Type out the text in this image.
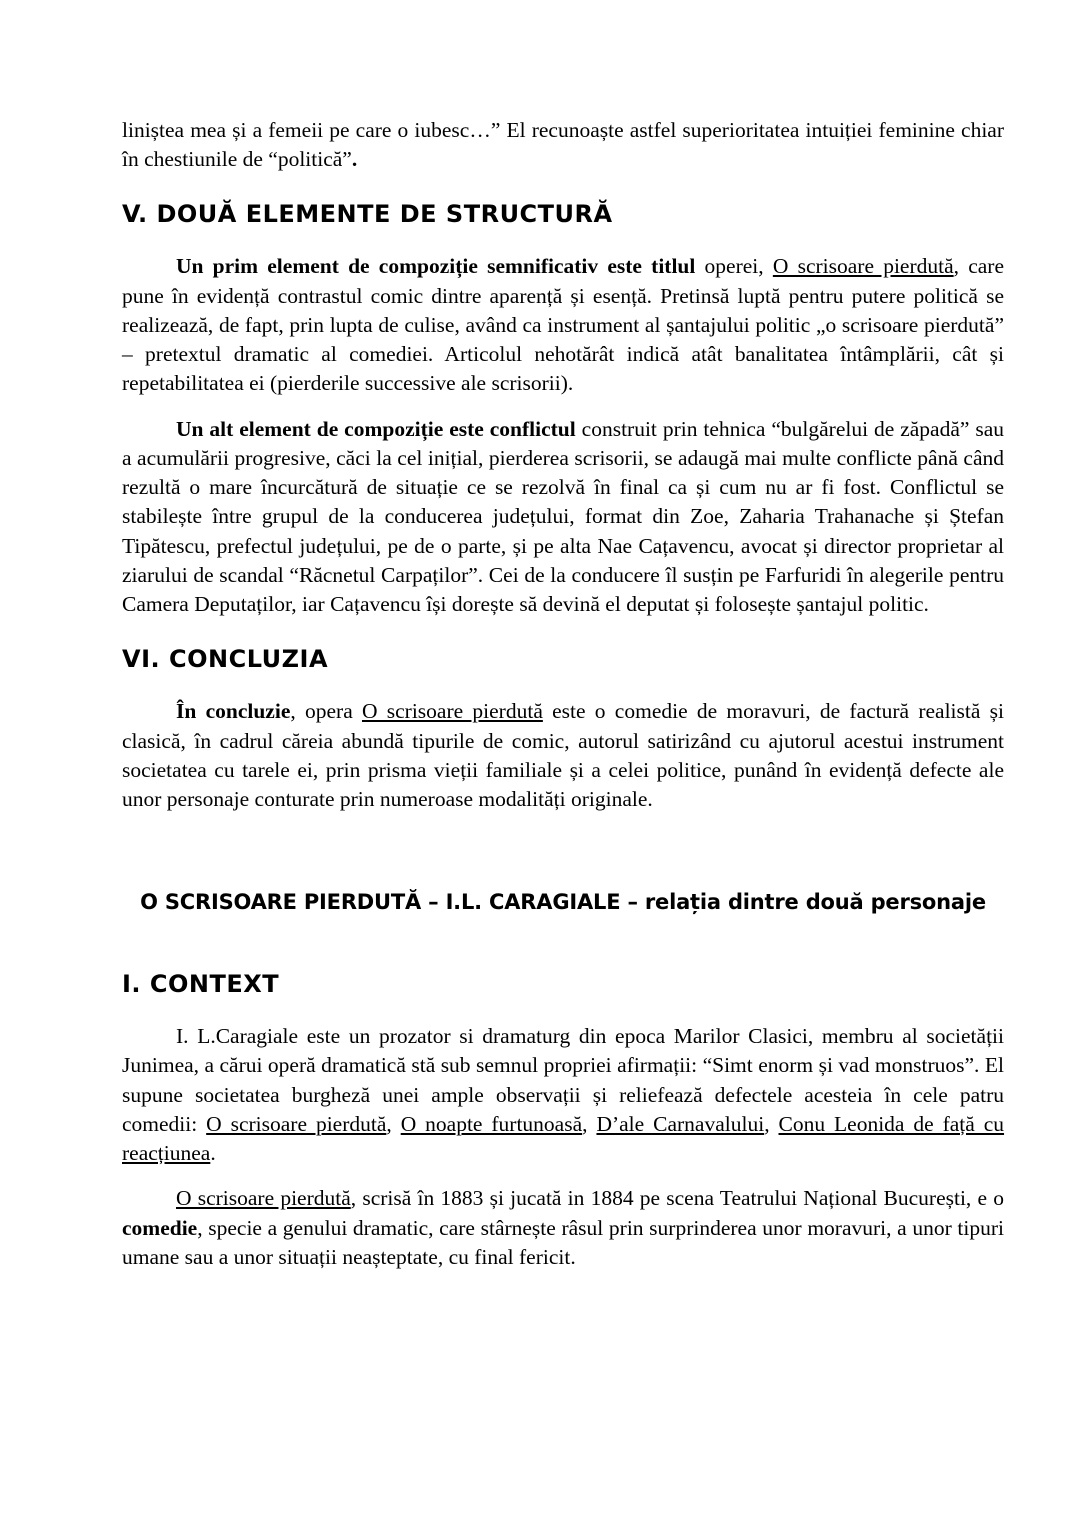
liniștea mea și a femeii pe care o iubesc…” El recunoaște astfel superioritatea intuiției feminine chiar în chestiunile de “politică”.

V. DOUĂ ELEMENTE DE STRUCTURĂ

Un prim element de compoziție semnificativ este titlul operei, O scrisoare pierdută, care pune în evidență contrastul comic dintre aparență și esență. Pretinsă luptă pentru putere politică se realizează, de fapt, prin lupta de culise, având ca instrument al șantajului politic „o scrisoare pierdută” – pretextul dramatic al comediei. Articolul nehotărât indică atât banalitatea întâmplării, cât și repetabilitatea ei (pierderile successive ale scrisorii).

Un alt element de compoziție este conflictul construit prin tehnica “bulgărelui de zăpadă” sau a acumulării progresive, căci la cel inițial, pierderea scrisorii, se adaugă mai multe conflicte până când rezultă o mare încurcătură de situație ce se rezolvă în final ca și cum nu ar fi fost. Conflictul se stabilește între grupul de la conducerea județului, format din Zoe, Zaharia Trahanache și Ștefan Tipătescu, prefectul județului, pe de o parte, și pe alta Nae Cațavencu, avocat și director proprietar al ziarului de scandal “Răcnetul Carpaților”. Cei de la conducere îl susțin pe Farfuridi în alegerile pentru Camera Deputaților, iar Cațavencu își dorește să devină el deputat și folosește șantajul politic.

VI. CONCLUZIA

În concluzie, opera O scrisoare pierdută este o comedie de moravuri, de factură realistă și clasică, în cadrul căreia abundă tipurile de comic, autorul satirizând cu ajutorul acestui instrument societatea cu tarele ei, prin prisma vieții familiale și a celei politice, punând în evidență defecte ale unor personaje conturate prin numeroase modalități originale.

O SCRISOARE PIERDUTĂ – I.L. CARAGIALE – relația dintre două personaje
I. CONTEXT

I. L.Caragiale este un prozator si dramaturg din epoca Marilor Clasici, membru al societății Junimea, a cărui operă dramatică stă sub semnul propriei afirmații: “Simt enorm și vad monstruos”. El supune societatea burgheză unei ample observații și reliefează defectele acesteia în cele patru comedii: O scrisoare pierdută, O noapte furtunoasă, D’ale Carnavalului, Conu Leonida de față cu reacțiunea.

O scrisoare pierdută, scrisă în 1883 și jucată in 1884 pe scena Teatrului Național București, e o comedie, specie a genului dramatic, care stârnește râsul prin surprinderea unor moravuri, a unor tipuri umane sau a unor situații neașteptate, cu final fericit.
